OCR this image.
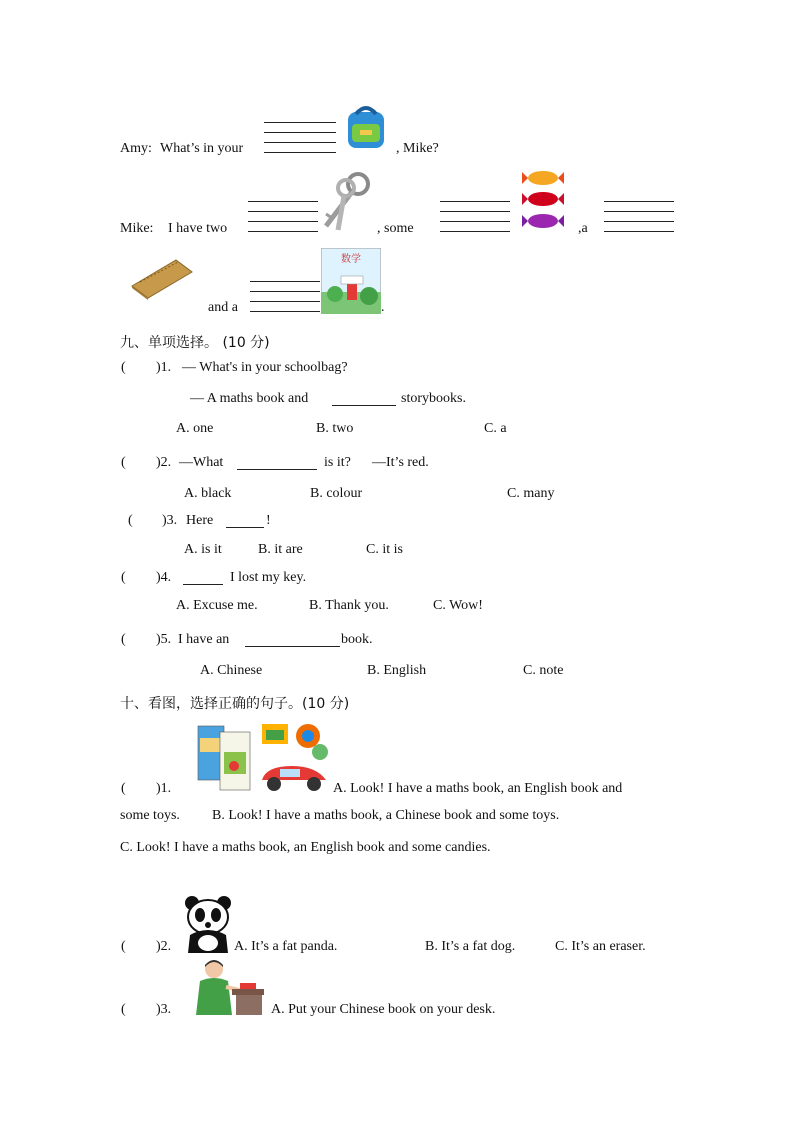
Amy: What’s in your	, Mike?
Mike: I have two	, some	,a
and a
数学
.
九、单项选择。 (10 分)
( )1. — What's in your schoolbag?
— A maths book and	storybooks.
A. one	B. two	C. a
( )2. —What	is it? —It’s red.
A. black	B. colour	C. many
( )3. Here	!
A. is it	B. it are	C. it is
( )4.	I lost my key.
A. Excuse me.	B. Thank you.	C. Wow!
( )5. I have an	book.
A. Chinese	B. English	C. note
十、看图，选择正确的句子。(10 分)
( )1.	A. Look! I have a maths book, an English book and
some toys. B. Look! I have a maths book, a Chinese book and some toys.
C. Look! I have a maths book, an English book and some candies.
( )2.	A. It’s a fat panda.	B. It’s a fat dog.	C. It’s an eraser.
( )3.	A. Put your Chinese book on your desk.
